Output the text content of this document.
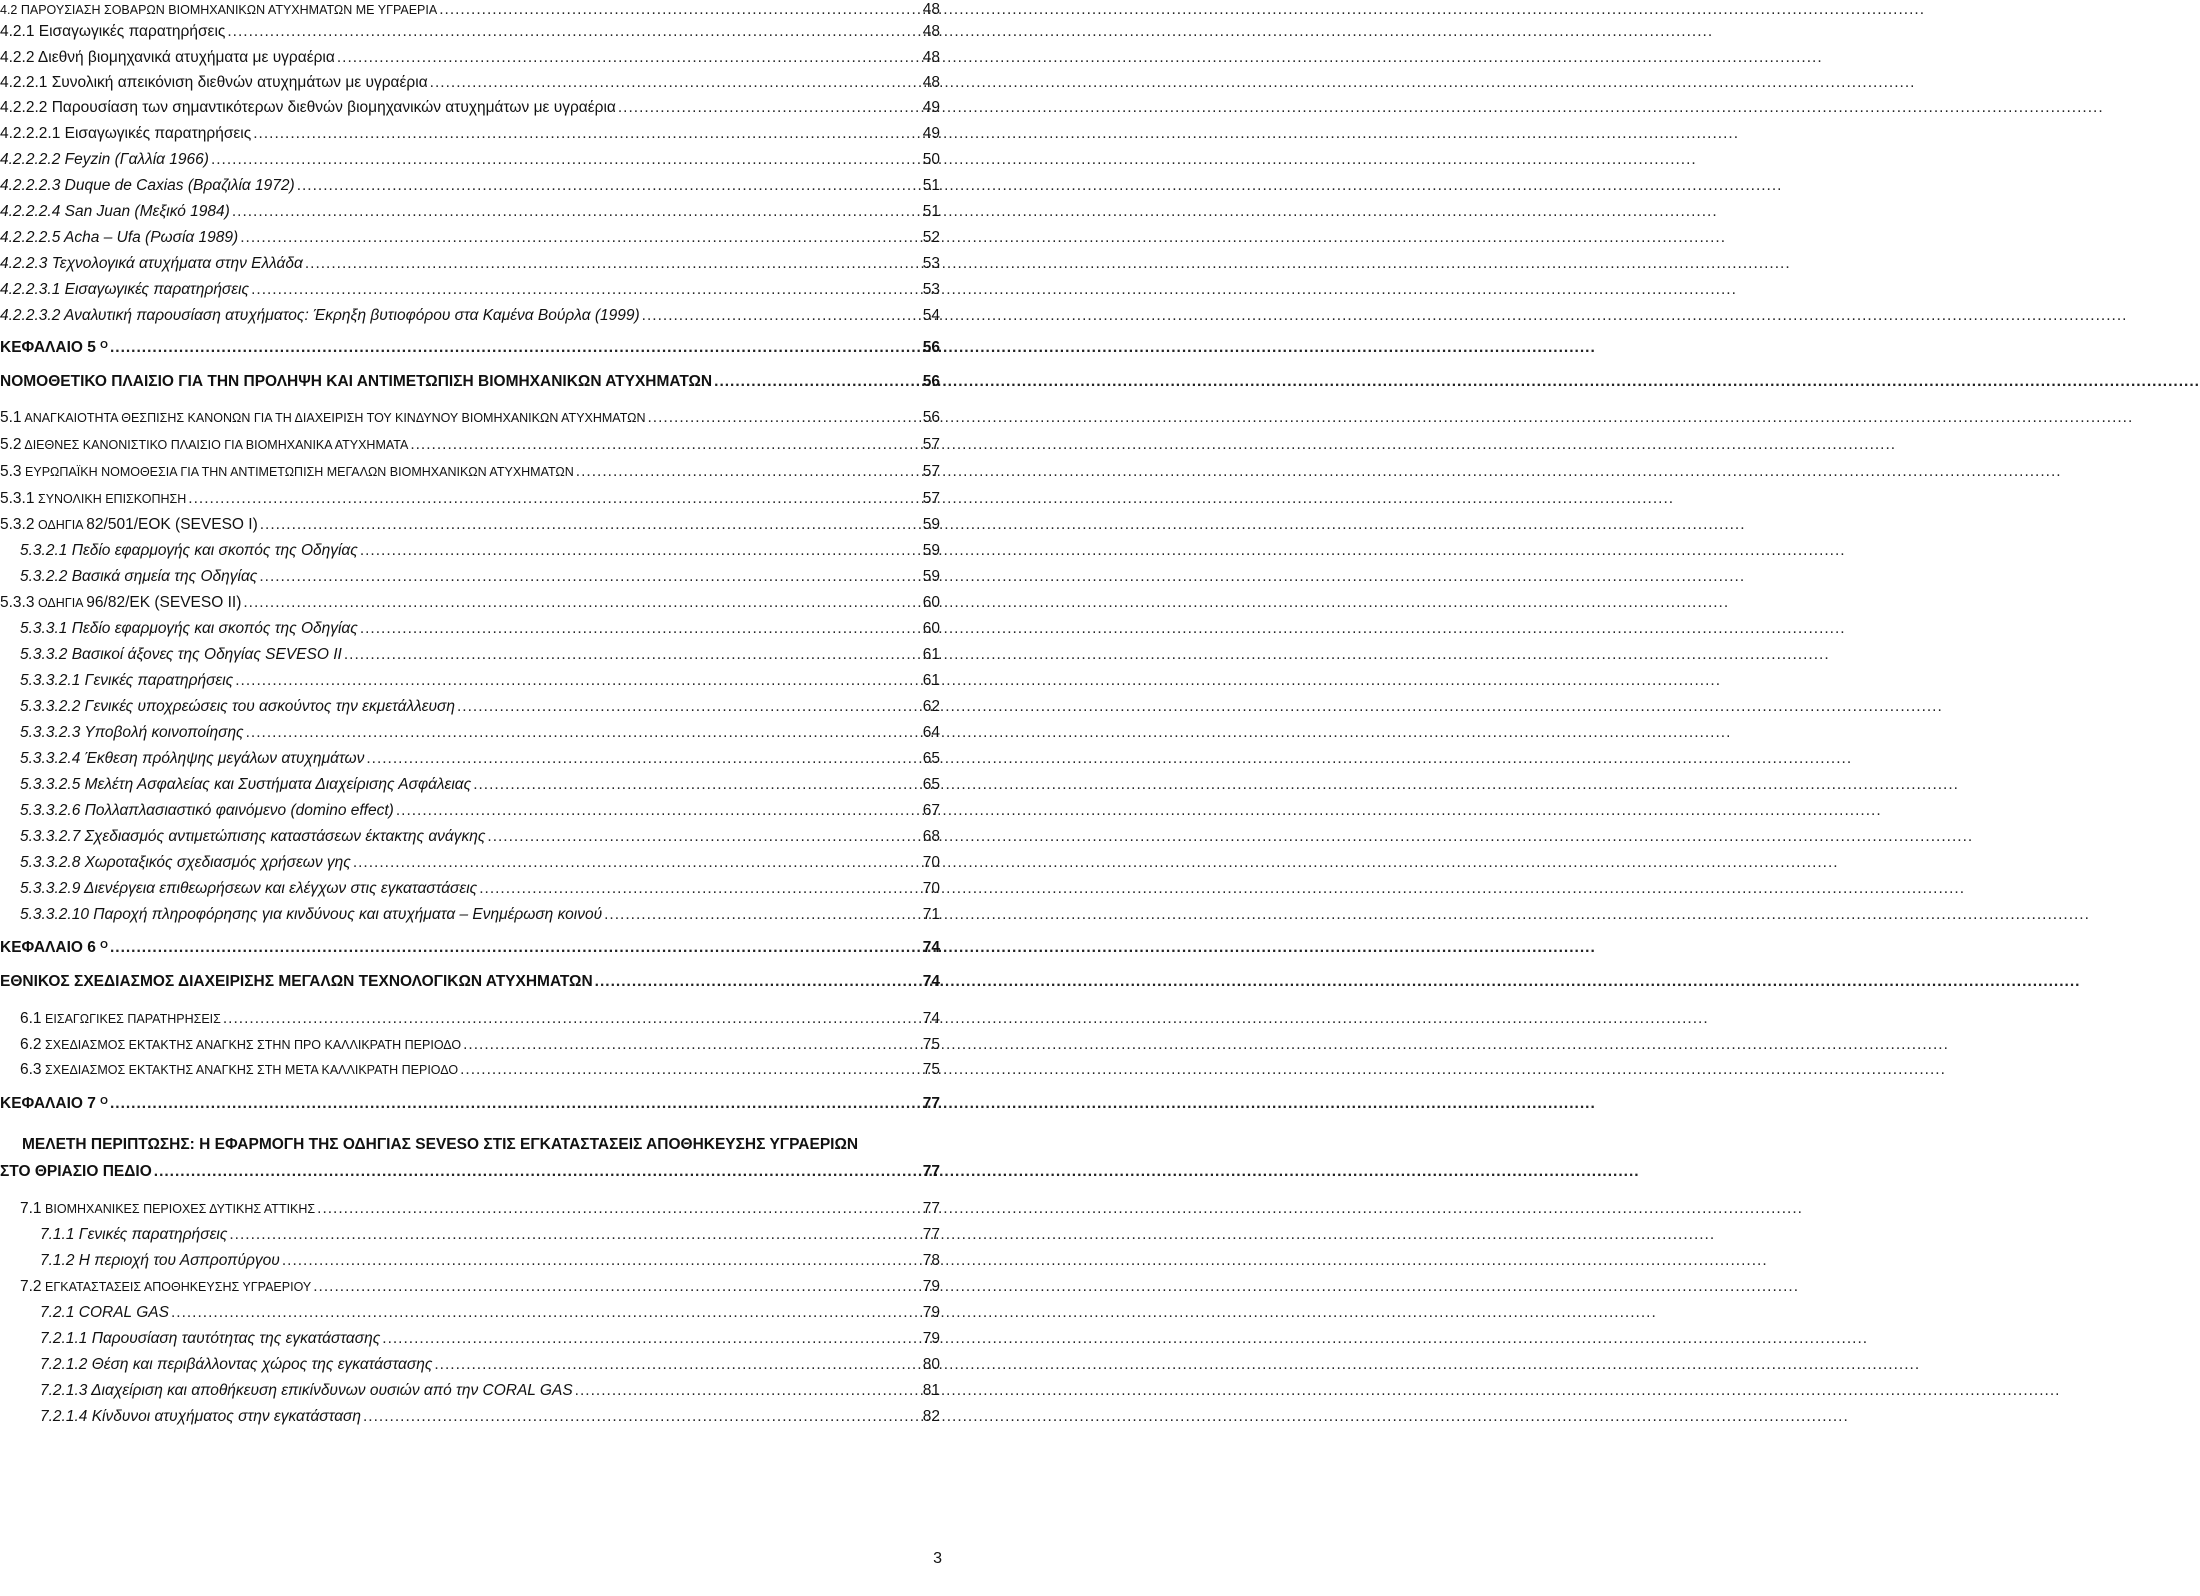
4.2 ΠΑΡΟΥΣΙΑΣΗ ΣΟΒΑΡΩΝ ΒΙΟΜΗΧΑΝΙΚΩΝ ΑΤΥΧΗΜΑΤΩΝ ΜΕ ΥΓΡΑΕΡΙΑ .....	48
4.2.1 Εισαγωγικές παρατηρήσεις .....	48
4.2.2 Διεθνή βιομηχανικά ατυχήματα με υγραέρια .....	48
4.2.2.1 Συνολική απεικόνιση διεθνών ατυχημάτων με υγραέρια .....	48
4.2.2.2 Παρουσίαση των σημαντικότερων διεθνών βιομηχανικών ατυχημάτων με υγραέρια .....	49
4.2.2.2.1 Εισαγωγικές παρατηρήσεις .....	49
4.2.2.2.2 Feyzin (Γαλλία 1966) .....	50
4.2.2.2.3 Duque de Caxias (Βραζιλία 1972) .....	51
4.2.2.2.4 San Juan (Μεξικό 1984) .....	51
4.2.2.2.5 Acha – Ufa (Ρωσία 1989) .....	52
4.2.2.3 Τεχνολογικά ατυχήματα στην Ελλάδα .....	53
4.2.2.3.1 Εισαγωγικές παρατηρήσεις .....	53
4.2.2.3.2 Αναλυτική παρουσίαση ατυχήματος: Έκρηξη βυτιοφόρου στα Καμένα Βούρλα (1999) .....	54
ΚΕΦΑΛΑΙΟ 5 $^O$ .....	56
ΝΟΜΟΘΕΤΙΚΟ ΠΛΑΙΣΙΟ ΓΙΑ ΤΗΝ ΠΡΟΛΗΨΗ ΚΑΙ ΑΝΤΙΜΕΤΩΠΙΣΗ ΒΙΟΜΗΧΑΝΙΚΩΝ ΑΤΥΧΗΜΑΤΩΝ .....	56
5.1 ΑΝΑΓΚΑΙΟΤΗΤΑ ΘΕΣΠΙΣΗΣ ΚΑΝΟΝΩΝ ΓΙΑ ΤΗ ΔΙΑΧΕΙΡΙΣΗ ΤΟΥ ΚΙΝΔΥΝΟΥ ΒΙΟΜΗΧΑΝΙΚΩΝ ΑΤΥΧΗΜΑΤΩΝ .....	56
5.2 ΔΙΕΘΝΕΣ ΚΑΝΟΝΙΣΤΙΚΟ ΠΛΑΙΣΙΟ ΓΙΑ ΒΙΟΜΗΧΑΝΙΚΑ ΑΤΥΧΗΜΑΤΑ .....	57
5.3 ΕΥΡΩΠΑΪΚΗ ΝΟΜΟΘΕΣΙΑ ΓΙΑ ΤΗΝ ΑΝΤΙΜΕΤΩΠΙΣΗ ΜΕΓΑΛΩΝ ΒΙΟΜΗΧΑΝΙΚΩΝ ΑΤΥΧΗΜΑΤΩΝ .....	57
5.3.1 ΣΥΝΟΛΙΚΗ ΕΠΙΣΚΟΠΗΣΗ .....	57
5.3.2 ΟΔΗΓΙΑ 82/501/ΕΟΚ (SEVESO I) .....	59
5.3.2.1 Πεδίο εφαρμογής και σκοπός της Οδηγίας .....	59
5.3.2.2 Βασικά σημεία της Οδηγίας .....	59
5.3.3 ΟΔΗΓΙΑ 96/82/ΕΚ (SEVESO II) .....	60
5.3.3.1 Πεδίο εφαρμογής και σκοπός της Οδηγίας .....	60
5.3.3.2 Βασικοί άξονες της Οδηγίας SEVESO II .....	61
5.3.3.2.1 Γενικές παρατηρήσεις .....	61
5.3.3.2.2 Γενικές υποχρεώσεις του ασκούντος την εκμετάλλευση .....	62
5.3.3.2.3 Υποβολή κοινοποίησης .....	64
5.3.3.2.4 Έκθεση πρόληψης μεγάλων ατυχημάτων .....	65
5.3.3.2.5 Μελέτη Ασφαλείας και Συστήματα Διαχείρισης Ασφάλειας .....	65
5.3.3.2.6 Πολλαπλασιαστικό φαινόμενο (domino effect) .....	67
5.3.3.2.7 Σχεδιασμός αντιμετώπισης καταστάσεων έκτακτης ανάγκης .....	68
5.3.3.2.8 Χωροταξικός σχεδιασμός χρήσεων γης .....	70
5.3.3.2.9 Διενέργεια επιθεωρήσεων και ελέγχων στις εγκαταστάσεις .....	70
5.3.3.2.10 Παροχή πληροφόρησης για κινδύνους και ατυχήματα – Ενημέρωση κοινού .....	71
ΚΕΦΑΛΑΙΟ 6 $^O$ .....	74
ΕΘΝΙΚΟΣ ΣΧΕΔΙΑΣΜΟΣ ΔΙΑΧΕΙΡΙΣΗΣ ΜΕΓΑΛΩΝ ΤΕΧΝΟΛΟΓΙΚΩΝ ΑΤΥΧΗΜΑΤΩΝ .....	74
6.1 ΕΙΣΑΓΩΓΙΚΕΣ ΠΑΡΑΤΗΡΗΣΕΙΣ .....	74
6.2 ΣΧΕΔΙΑΣΜΟΣ ΕΚΤΑΚΤΗΣ ΑΝΑΓΚΗΣ ΣΤΗΝ ΠΡΟ ΚΑΛΛΙΚΡΑΤΗ ΠΕΡΙΟΔΟ .....	75
6.3 ΣΧΕΔΙΑΣΜΟΣ ΕΚΤΑΚΤΗΣ ΑΝΑΓΚΗΣ ΣΤΗ ΜΕΤΑ ΚΑΛΛΙΚΡΑΤΗ ΠΕΡΙΟΔΟ .....	75
ΚΕΦΑΛΑΙΟ 7 $^O$ .....	77
ΜΕΛΕΤΗ ΠΕΡΙΠΤΩΣΗΣ: Η ΕΦΑΡΜΟΓΗ ΤΗΣ ΟΔΗΓΙΑΣ SEVESO ΣΤΙΣ ΕΓΚΑΤΑΣΤΑΣΕΙΣ ΑΠΟΘΗΚΕΥΣΗΣ ΥΓΡΑΕΡΙΩΝ
ΣΤΟ ΘΡΙΑΣΙΟ ΠΕΔΙΟ .....	77
7.1 ΒΙΟΜΗΧΑΝΙΚΕΣ ΠΕΡΙΟΧΕΣ ΔΥΤΙΚΗΣ ΑΤΤΙΚΗΣ .....	77
7.1.1 Γενικές παρατηρήσεις .....	77
7.1.2 Η περιοχή του Ασπροπύργου .....	78
7.2 ΕΓΚΑΤΑΣΤΑΣΕΙΣ ΑΠΟΘΗΚΕΥΣΗΣ ΥΓΡΑΕΡΙΟΥ .....	79
7.2.1 CORAL GAS .....	79
7.2.1.1 Παρουσίαση ταυτότητας της εγκατάστασης .....	79
7.2.1.2 Θέση και περιβάλλοντας χώρος της εγκατάστασης .....	80
7.2.1.3 Διαχείριση και αποθήκευση επικίνδυνων ουσιών από την CORAL GAS .....	81
7.2.1.4 Κίνδυνοι ατυχήματος στην εγκατάσταση .....	82
3
